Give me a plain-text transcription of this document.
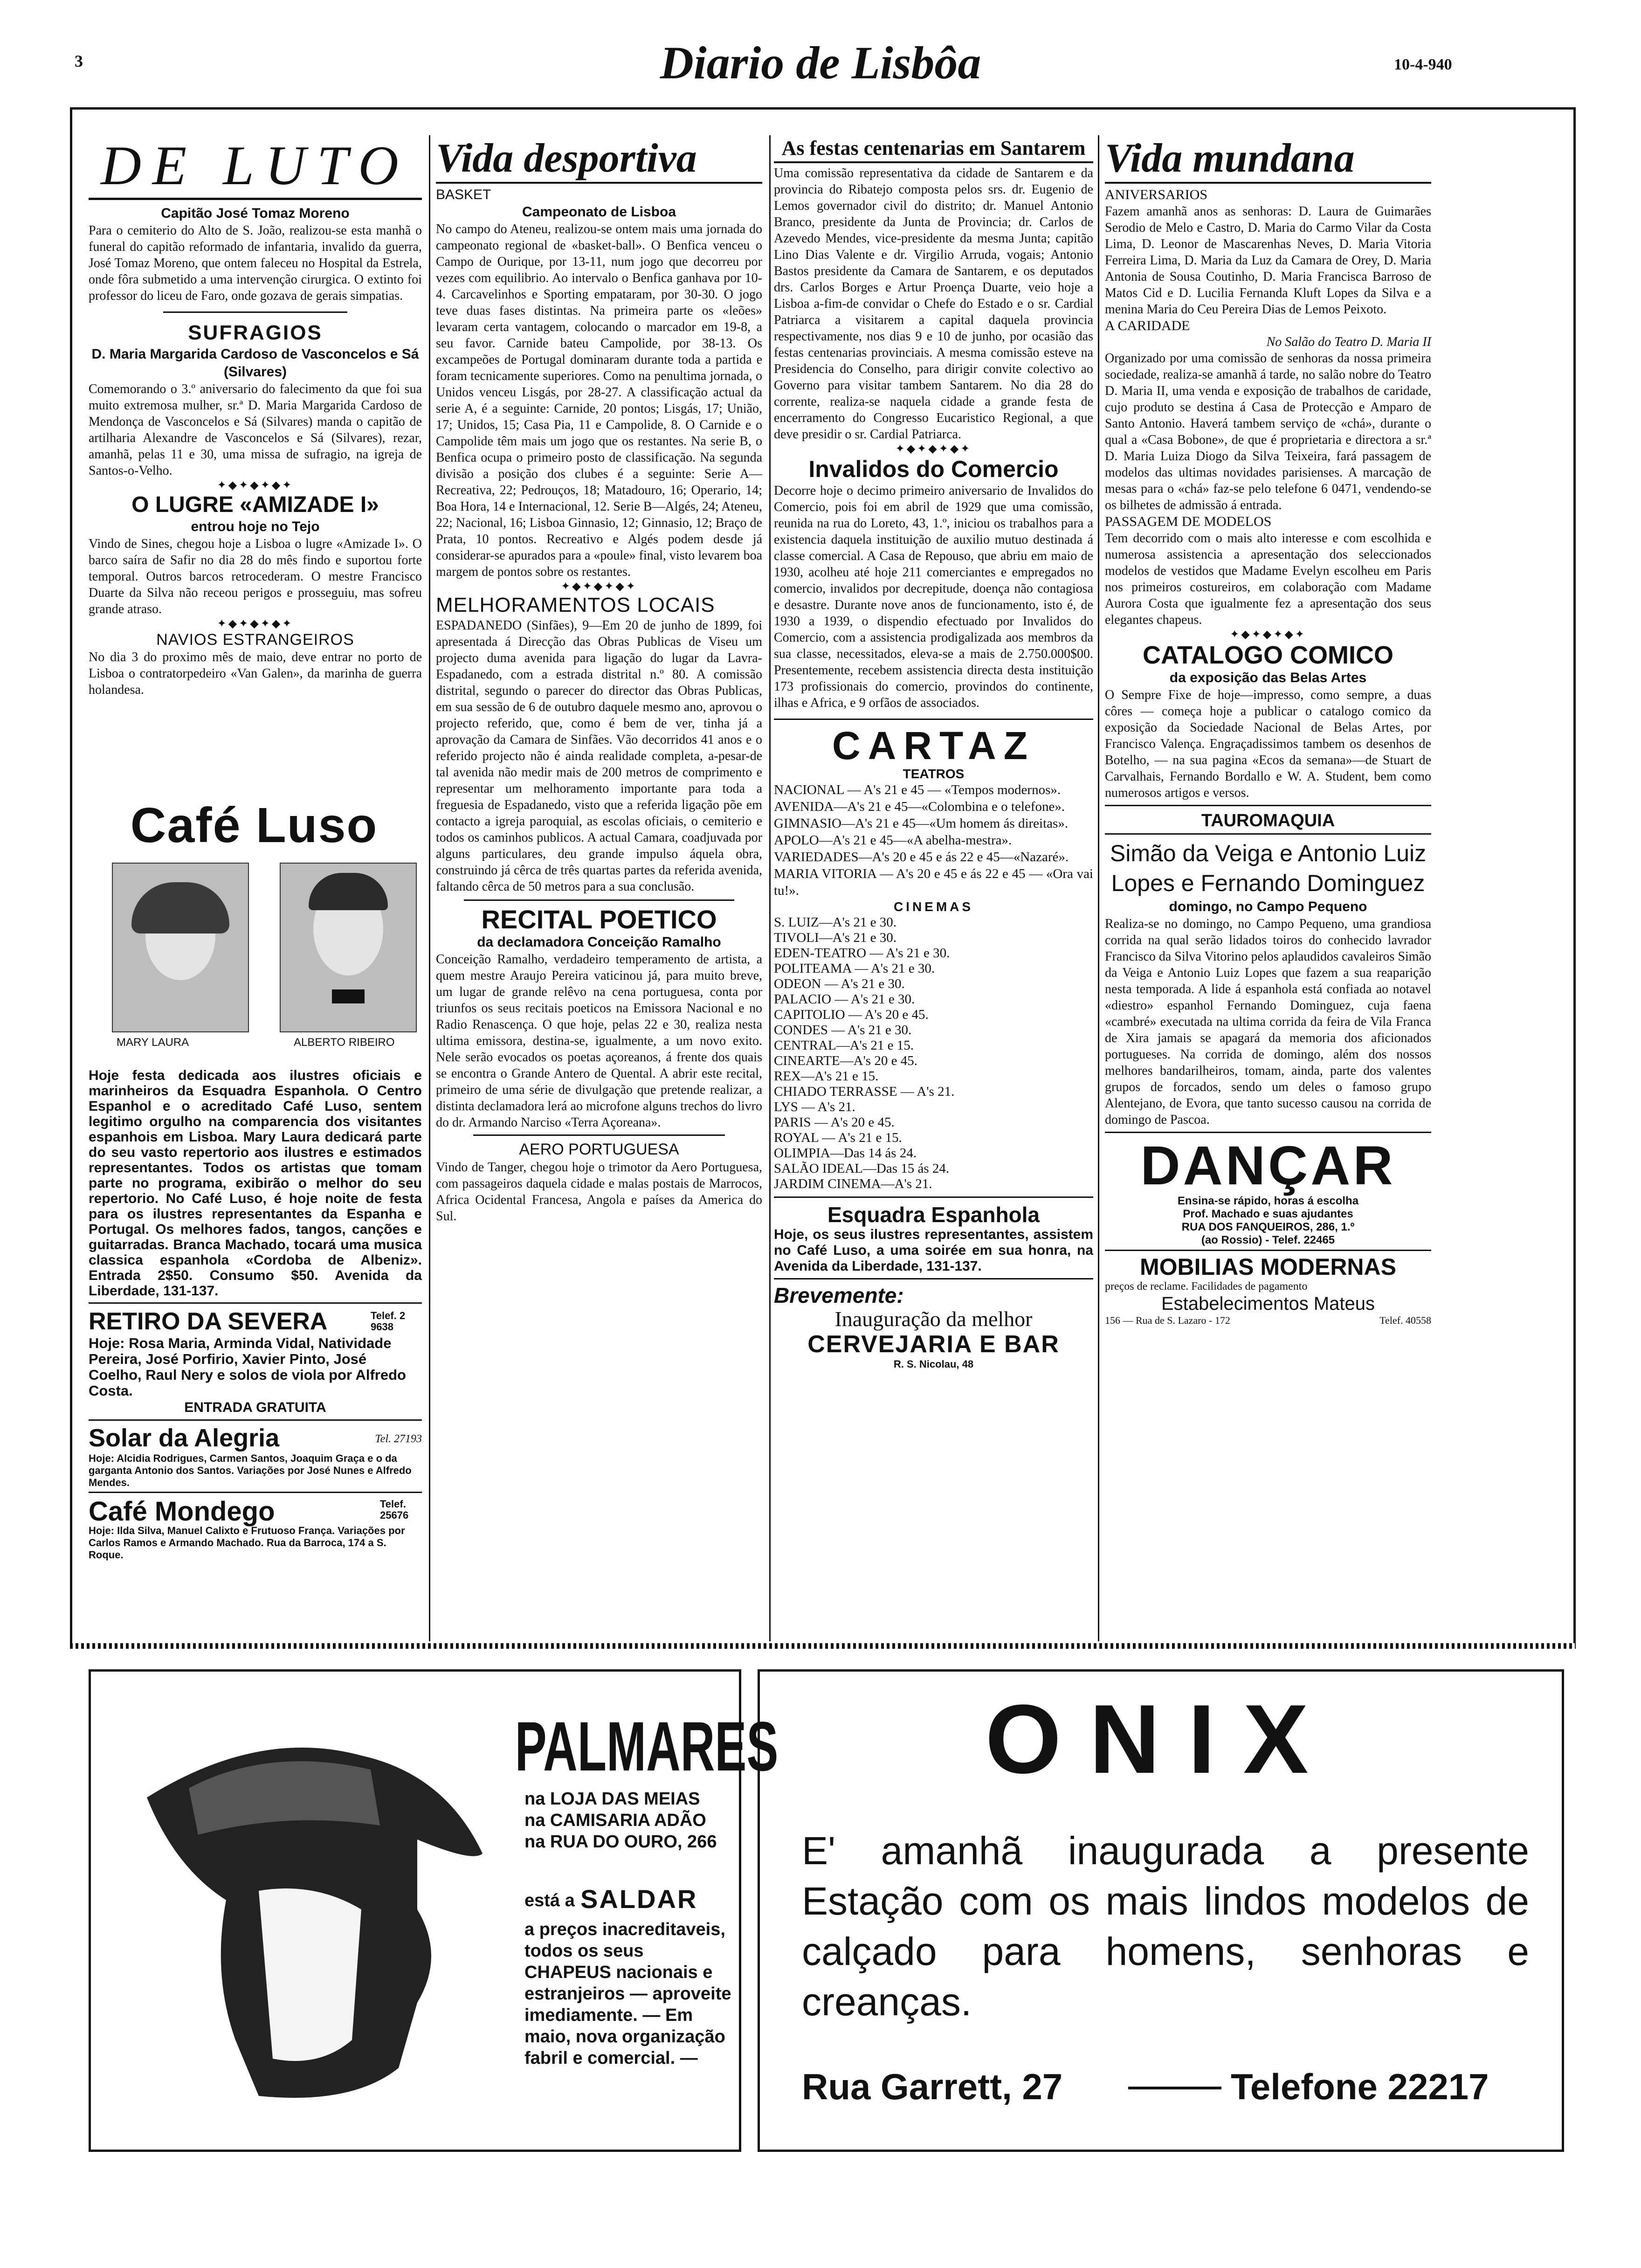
3	Diario de Lisbôa	10-4-940
DE LUTO
Capitão José Tomaz Moreno
Para o cemiterio do Alto de S. João, realizou-se esta manhã o funeral do capitão reformado de infantaria, invalido da guerra, José Tomaz Moreno, que ontem faleceu no Hospital da Estrela, onde fôra submetido a uma intervenção cirurgica. O extinto foi professor do liceu de Faro, onde gozava de gerais simpatias.
SUFRAGIOS
D. Maria Margarida Cardoso de Vasconcelos e Sá (Silvares)
Comemorando o 3.º aniversario do falecimento da que foi sua muito extremosa mulher, sr.ª D. Maria Margarida Cardoso de Mendonça de Vasconcelos e Sá (Silvares) manda o capitão de artilharia Alexandre de Vasconcelos e Sá (Silvares), rezar, amanhã, pelas 11 e 30, uma missa de sufragio, na igreja de Santos-o-Velho.
✦◆✦◆✦◆✦
O LUGRE «AMIZADE I»
entrou hoje no Tejo
Vindo de Sines, chegou hoje a Lisboa o lugre «Amizade I». O barco saíra de Safir no dia 28 do mês findo e suportou forte temporal. Outros barcos retrocederam. O mestre Francisco Duarte da Silva não receou perigos e prosseguiu, mas sofreu grande atraso.
✦◆✦◆✦◆✦
NAVIOS ESTRANGEIROS
No dia 3 do proximo mês de maio, deve entrar no porto de Lisboa o contratorpedeiro «Van Galen», da marinha de guerra holandesa.
Café Luso
MARY LAURA	ALBERTO RIBEIRO
Hoje festa dedicada aos ilustres oficiais e marinheiros da Esquadra Espanhola. O Centro Espanhol e o acreditado Café Luso, sentem legitimo orgulho na comparencia dos visitantes espanhois em Lisboa. Mary Laura dedicará parte do seu vasto repertorio aos ilustres e estimados representantes. Todos os artistas que tomam parte no programa, exibirão o melhor do seu repertorio. No Café Luso, é hoje noite de festa para os ilustres representantes da Espanha e Portugal. Os melhores fados, tangos, canções e guitarradas. Branca Machado, tocará uma musica classica espanhola «Cordoba de Albeniz». Entrada 2$50. Consumo $50. Avenida da Liberdade, 131-137.
RETIRO DA SEVERA	Telef. 2 9638
Hoje: Rosa Maria, Arminda Vidal, Natividade Pereira, José Porfirio, Xavier Pinto, José Coelho, Raul Nery e solos de viola por Alfredo Costa.
ENTRADA GRATUITA
Solar da Alegria	Tel. 27193
Hoje: Alcidia Rodrigues, Carmen Santos, Joaquim Graça e o da garganta Antonio dos Santos. Variações por José Nunes e Alfredo Mendes.
Café Mondego	Telef. 25676
Hoje: Ilda Silva, Manuel Calixto e Frutuoso França. Variações por Carlos Ramos e Armando Machado. Rua da Barroca, 174 a S. Roque.
Vida desportiva
BASKET
Campeonato de Lisboa
No campo do Ateneu, realizou-se ontem mais uma jornada do campeonato regional de «basket-ball». O Benfica venceu o Campo de Ourique, por 13-11, num jogo que decorreu por vezes com equilibrio. Ao intervalo o Benfica ganhava por 10-4. Carcavelinhos e Sporting empataram, por 30-30. O jogo teve duas fases distintas. Na primeira parte os «leões» levaram certa vantagem, colocando o marcador em 19-8, a seu favor. Carnide bateu Campolide, por 38-13. Os excampeões de Portugal dominaram durante toda a partida e foram tecnicamente superiores. Como na penultima jornada, o Unidos venceu Lisgás, por 28-27. A classificação actual da serie A, é a seguinte: Carnide, 20 pontos; Lisgás, 17; União, 17; Unidos, 15; Casa Pia, 11 e Campolide, 8. O Carnide e o Campolide têm mais um jogo que os restantes. Na serie B, o Benfica ocupa o primeiro posto de classificação. Na segunda divisão a posição dos clubes é a seguinte: Serie A—Recreativa, 22; Pedrouços, 18; Matadouro, 16; Operario, 14; Boa Hora, 14 e Internacional, 12. Serie B—Algés, 24; Ateneu, 22; Nacional, 16; Lisboa Ginnasio, 12; Ginnasio, 12; Braço de Prata, 10 pontos. Recreativo e Algés podem desde já considerar-se apurados para a «poule» final, visto levarem boa margem de pontos sobre os restantes.
✦◆✦◆✦◆✦
MELHORAMENTOS LOCAIS
ESPADANEDO (Sinfães), 9—Em 20 de junho de 1899, foi apresentada á Direcção das Obras Publicas de Viseu um projecto duma avenida para ligação do lugar da Lavra-Espadanedo, com a estrada distrital n.º 80. A comissão distrital, segundo o parecer do director das Obras Publicas, em sua sessão de 6 de outubro daquele mesmo ano, aprovou o projecto referido, que, como é bem de ver, tinha já a aprovação da Camara de Sinfães. Vão decorridos 41 anos e o referido projecto não é ainda realidade completa, a-pesar-de tal avenida não medir mais de 200 metros de comprimento e representar um melhoramento importante para toda a freguesia de Espadanedo, visto que a referida ligação põe em contacto a igreja paroquial, as escolas oficiais, o cemiterio e todos os caminhos publicos. A actual Camara, coadjuvada por alguns particulares, deu grande impulso áquela obra, construindo já cêrca de três quartas partes da referida avenida, faltando cêrca de 50 metros para a sua conclusão.
RECITAL POETICO
da declamadora Conceição Ramalho
Conceição Ramalho, verdadeiro temperamento de artista, a quem mestre Araujo Pereira vaticinou já, para muito breve, um lugar de grande relêvo na cena portuguesa, conta por triunfos os seus recitais poeticos na Emissora Nacional e no Radio Renascença. O que hoje, pelas 22 e 30, realiza nesta ultima emissora, destina-se, igualmente, a um novo exito. Nele serão evocados os poetas açoreanos, á frente dos quais se encontra o Grande Antero de Quental. A abrir este recital, primeiro de uma série de divulgação que pretende realizar, a distinta declamadora lerá ao microfone alguns trechos do livro do dr. Armando Narciso «Terra Açoreana».
AERO PORTUGUESA
Vindo de Tanger, chegou hoje o trimotor da Aero Portuguesa, com passageiros daquela cidade e malas postais de Marrocos, Africa Ocidental Francesa, Angola e países da America do Sul.
As festas centenarias em Santarem
Uma comissão representativa da cidade de Santarem e da provincia do Ribatejo composta pelos srs. dr. Eugenio de Lemos governador civil do distrito; dr. Manuel Antonio Branco, presidente da Junta de Provincia; dr. Carlos de Azevedo Mendes, vice-presidente da mesma Junta; capitão Lino Dias Valente e dr. Virgilio Arruda, vogais; Antonio Bastos presidente da Camara de Santarem, e os deputados drs. Carlos Borges e Artur Proença Duarte, veio hoje a Lisboa a-fim-de convidar o Chefe do Estado e o sr. Cardial Patriarca a visitarem a capital daquela provincia respectivamente, nos dias 9 e 10 de junho, por ocasião das festas centenarias provinciais. A mesma comissão esteve na Presidencia do Conselho, para dirigir convite colectivo ao Governo para visitar tambem Santarem. No dia 28 do corrente, realiza-se naquela cidade a grande festa de encerramento do Congresso Eucaristico Regional, a que deve presidir o sr. Cardial Patriarca.
✦◆✦◆✦◆✦
Invalidos do Comercio
Decorre hoje o decimo primeiro aniversario de Invalidos do Comercio, pois foi em abril de 1929 que uma comissão, reunida na rua do Loreto, 43, 1.º, iniciou os trabalhos para a existencia daquela instituição de auxilio mutuo destinada á classe comercial. A Casa de Repouso, que abriu em maio de 1930, acolheu até hoje 211 comerciantes e empregados no comercio, invalidos por decrepitude, doença não contagiosa e desastre. Durante nove anos de funcionamento, isto é, de 1930 a 1939, o dispendio efectuado por Invalidos do Comercio, com a assistencia prodigalizada aos membros da sua classe, necessitados, eleva-se a mais de 2.750.000$00. Presentemente, recebem assistencia directa desta instituição 173 profissionais do comercio, provindos do continente, ilhas e Africa, e 9 orfãos de associados.
CARTAZ
TEATROS
NACIONAL — A's 21 e 45 — «Tempos modernos».
AVENIDA—A's 21 e 45—«Colombina e o telefone».
GIMNASIO—A's 21 e 45—«Um homem ás direitas».
APOLO—A's 21 e 45—«A abelha-mestra».
VARIEDADES—A's 20 e 45 e ás 22 e 45—«Nazaré».
MARIA VITORIA — A's 20 e 45 e ás 22 e 45 — «Ora vai tu!».
CINEMAS
S. LUIZ—A's 21 e 30.
TIVOLI—A's 21 e 30.
EDEN-TEATRO — A's 21 e 30.
POLITEAMA — A's 21 e 30.
ODEON — A's 21 e 30.
PALACIO — A's 21 e 30.
CAPITOLIO — A's 20 e 45.
CONDES — A's 21 e 30.
CENTRAL—A's 21 e 15.
CINEARTE—A's 20 e 45.
REX—A's 21 e 15.
CHIADO TERRASSE — A's 21.
LYS — A's 21.
PARIS — A's 20 e 45.
ROYAL — A's 21 e 15.
OLIMPIA—Das 14 ás 24.
SALÃO IDEAL—Das 15 ás 24.
JARDIM CINEMA—A's 21.
Esquadra Espanhola
Hoje, os seus ilustres representantes, assistem no Café Luso, a uma soirée em sua honra, na Avenida da Liberdade, 131-137.
Brevemente:
Inauguração da melhor
CERVEJARIA E BAR
R. S. Nicolau, 48
Vida mundana
ANIVERSARIOS
Fazem amanhã anos as senhoras: D. Laura de Guimarães Serodio de Melo e Castro, D. Maria do Carmo Vilar da Costa Lima, D. Leonor de Mascarenhas Neves, D. Maria Vitoria Ferreira Lima, D. Maria da Luz da Camara de Orey, D. Maria Antonia de Sousa Coutinho, D. Maria Francisca Barroso de Matos Cid e D. Lucilia Fernanda Kluft Lopes da Silva e a menina Maria do Ceu Pereira Dias de Lemos Peixoto.
A CARIDADE
No Salão do Teatro D. Maria II
Organizado por uma comissão de senhoras da nossa primeira sociedade, realiza-se amanhã á tarde, no salão nobre do Teatro D. Maria II, uma venda e exposição de trabalhos de caridade, cujo produto se destina á Casa de Protecção e Amparo de Santo Antonio. Haverá tambem serviço de «chá», durante o qual a «Casa Bobone», de que é proprietaria e directora a sr.ª D. Maria Luiza Diogo da Silva Teixeira, fará passagem de modelos das ultimas novidades parisienses. A marcação de mesas para o «chá» faz-se pelo telefone 6 0471, vendendo-se os bilhetes de admissão á entrada.
PASSAGEM DE MODELOS
Tem decorrido com o mais alto interesse e com escolhida e numerosa assistencia a apresentação dos seleccionados modelos de vestidos que Madame Evelyn escolheu em Paris nos primeiros costureiros, em colaboração com Madame Aurora Costa que igualmente fez a apresentação dos seus elegantes chapeus.
✦◆✦◆✦◆✦
CATALOGO COMICO
da exposição das Belas Artes
O Sempre Fixe de hoje—impresso, como sempre, a duas côres — começa hoje a publicar o catalogo comico da exposição da Sociedade Nacional de Belas Artes, por Francisco Valença. Engraçadissimos tambem os desenhos de Botelho, — na sua pagina «Ecos da semana»—de Stuart de Carvalhais, Fernando Bordallo e W. A. Student, bem como numerosos artigos e versos.
TAUROMAQUIA
Simão da Veiga e Antonio Luiz Lopes e Fernando Dominguez
domingo, no Campo Pequeno
Realiza-se no domingo, no Campo Pequeno, uma grandiosa corrida na qual serão lidados toiros do conhecido lavrador Francisco da Silva Vitorino pelos aplaudidos cavaleiros Simão da Veiga e Antonio Luiz Lopes que fazem a sua reaparição nesta temporada. A lide á espanhola está confiada ao notavel «diestro» espanhol Fernando Dominguez, cuja faena «cambré» executada na ultima corrida da feira de Vila Franca de Xira jamais se apagará da memoria dos aficionados portugueses. Na corrida de domingo, além dos nossos melhores bandarilheiros, tomam, ainda, parte dos valentes grupos de forcados, sendo um deles o famoso grupo Alentejano, de Evora, que tanto sucesso causou na corrida de domingo de Pascoa.
DANÇAR
Ensina-se rápido, horas á escolha
Prof. Machado e suas ajudantes
RUA DOS FANQUEIROS, 286, 1.º
(ao Rossio) - Telef. 22465
MOBILIAS MODERNAS
preços de reclame. Facilidades de pagamento
Estabelecimentos Mateus
156 — Rua de S. Lazaro - 172	Telef. 40558
PALMARES
na LOJA DAS MEIAS
na CAMISARIA ADÃO
na RUA DO OURO, 266
está a SALDAR
a preços inacreditaveis, todos os seus CHAPEUS nacionais e estranjeiros — aproveite imediamente. — Em maio, nova organização fabril e comercial. —
ONIX
E' amanhã inaugurada a presente Estação com os mais lindos modelos de calçado para homens, senhoras e creanças.
Rua Garrett, 27	Telefone 22217
